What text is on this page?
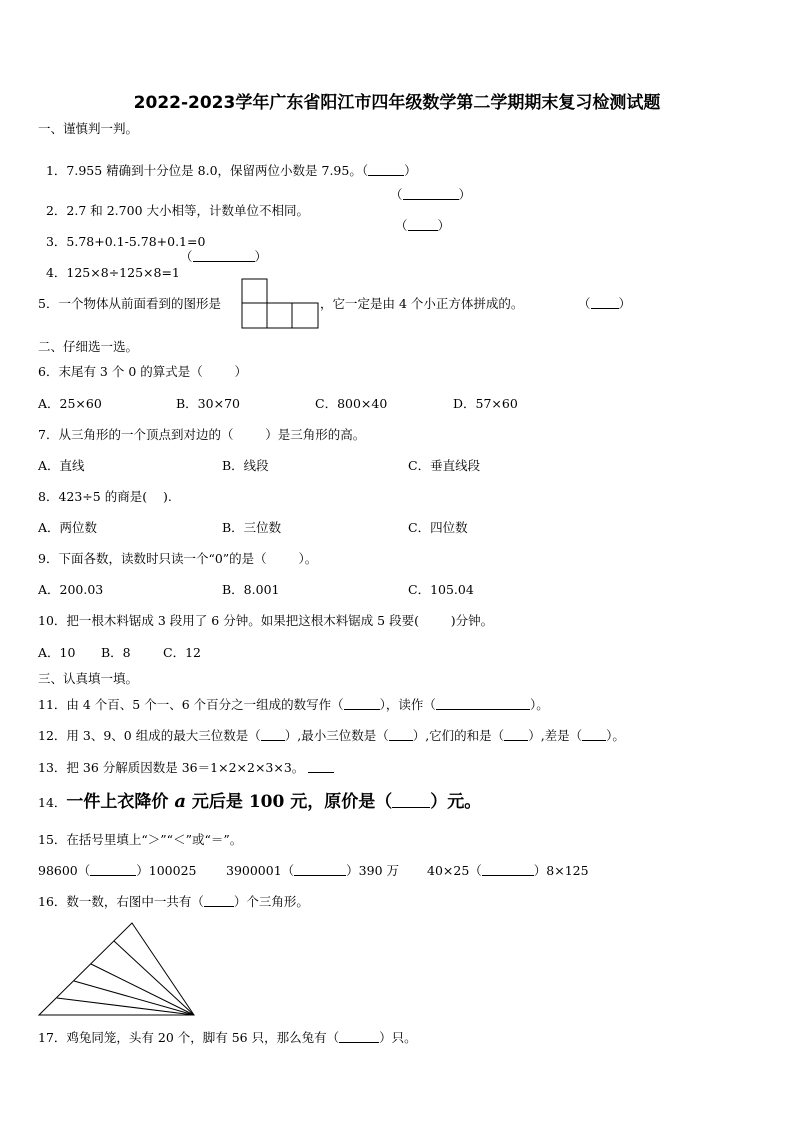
2022-2023学年广东省阳江市四年级数学第二学期期末复习检测试题
一、谨慎判一判。

1．7.955 精确到十分位是 8.0，保留两位小数是 7.95。（	）

2．2.7 和 2.700 大小相等，计数单位不相同。

（	）

3．5.78+0.1-5.78+0.1=0

（ ）

4．125×8÷125×8=1

（	）
5．一个物体从前面看到的图形是	，它一定是由 4 个小正方体拼成的。	（ ）
二、仔细选一选。
6．末尾有 3 个 0 的算式是（        ）
A．25×60	B．30×70	C．800×40	D．57×60
7．从三角形的一个顶点到对边的（        ）是三角形的高。
A．直线	B．线段	C．垂直线段
8．423÷5 的商是(    ).
A．两位数	B．三位数	C．四位数
9．下面各数，读数时只读一个“0”的是（        ）。
A．200.03	B．8.001	C．105.04
10．把一根木料锯成 3 段用了 6 分钟。如果把这根木料锯成 5 段要(        )分钟。
A．10 B．8	C．12
三、认真填一填。
11．由 4 个百、5 个一、6 个百分之一组成的数写作（	），读作（	）。
12．用 3、9、0 组成的最大三位数是（ ）,最小三位数是（ ）,它们的和是（ ）,差是（ ）。
13．把 36 分解质因数是 36＝1×2×2×3×3。
14．一件上衣降价 a 元后是 100 元，原价是（ ）元。
15．在括号里填上“＞”“＜”或“＝”。
98600（	）100025 3900001（	）390 万 40×25（	）8×125
16．数一数，右图中一共有（ ）个三角形。
17．鸡兔同笼，头有 20 个，脚有 56 只，那么兔有（	）只。
